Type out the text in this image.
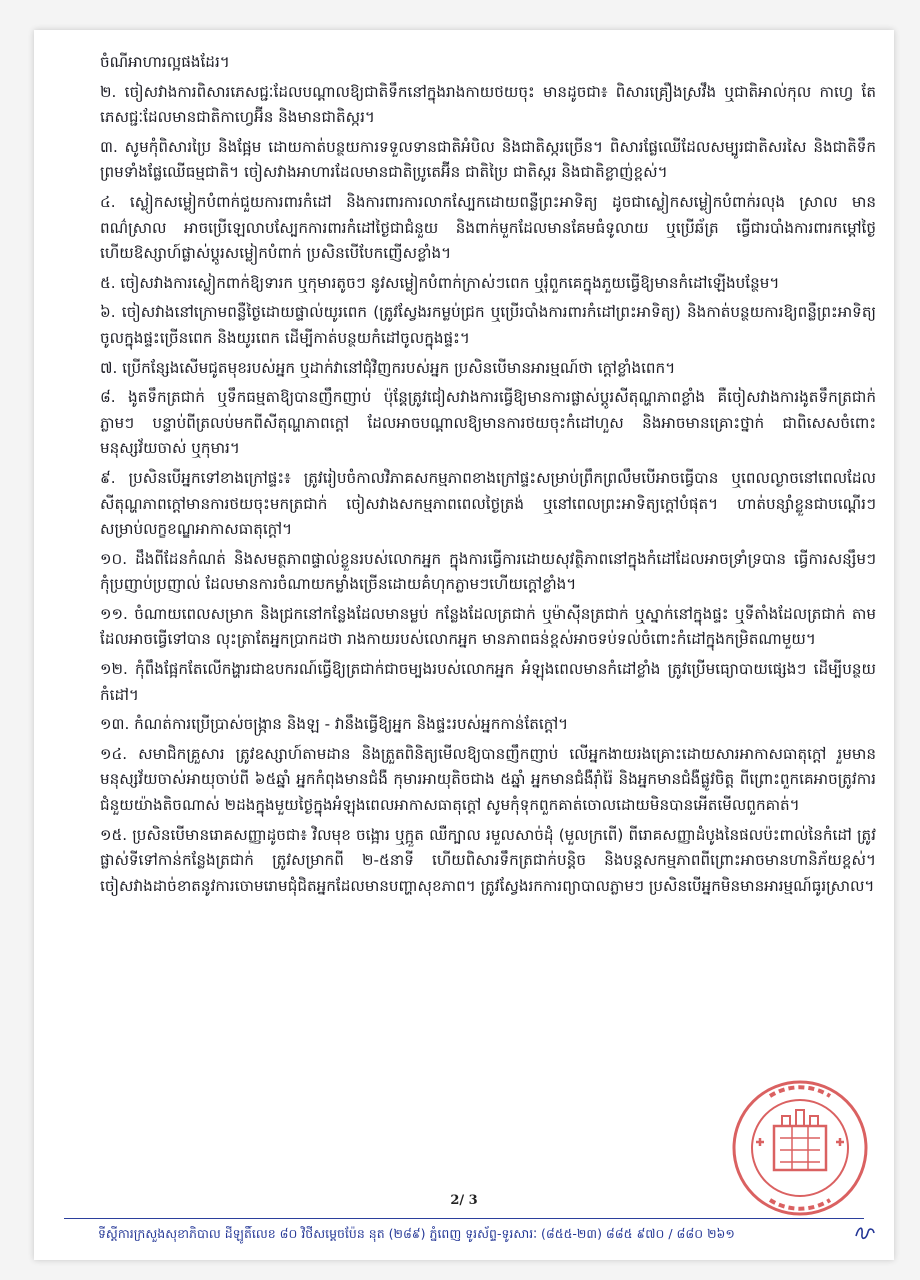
ចំណីអាហារល្អផងដែរ។

២. ចៀសវាងការពិសារភេសជ្ជៈដែលបណ្តាលឱ្យជាតិទឹកនៅក្នុងរាងកាយថយចុះ មានដូចជា៖ ពិសារគ្រឿងស្រវឹង ឬជាតិអាល់កុល កាហ្វេ តែ ភេសជ្ជៈដែលមានជាតិកាហ្វេអ៊ីន និងមានជាតិស្ករ។

៣. សូមកុំពិសារប្រៃ និងផ្អែម ដោយកាត់បន្ថយការទទួលទានជាតិអំបិល និងជាតិស្ករច្រើន។ ពិសារផ្លែឈើដែលសម្បូរជាតិសរសៃ និងជាតិទឹក ព្រមទាំងផ្លែឈើធម្មជាតិ។ ចៀសវាងអាហារដែលមានជាតិប្រូតេអ៊ីន ជាតិប្រៃ ជាតិស្ករ និងជាតិខ្លាញ់ខ្ពស់។

៤. ស្លៀកសម្លៀកបំពាក់ជួយការពារកំដៅ និងការពារការលាកស្បែកដោយពន្លឺព្រះអាទិត្យ ដូចជាស្លៀកសម្លៀកបំពាក់រលុង ស្រាល មានពណ៌ស្រាល អាចប្រើឡេលាបស្បែកការពារកំដៅថ្ងៃជាជំនួយ និងពាក់មួកដែលមានគែមធំទូលាយ ឬប្រើឆ័ត្រ ធ្វើជារបាំងការពារកម្ដៅថ្ងៃ ហើយឱស្សាហ៍ផ្លាស់ប្តូរសម្លៀកបំពាក់ ប្រសិនបើបែកញើសខ្លាំង។

៥. ចៀសវាងការស្លៀកពាក់ឱ្យទារក ឬកុមារតូចៗ នូវសម្លៀកបំពាក់ក្រាស់ៗពេក ឬរុំពួកគេក្នុងភួយធ្វើឱ្យមានកំដៅឡើងបន្ថែម។

៦. ចៀសវាងនៅក្រោមពន្លឺថ្ងៃដោយផ្ទាល់យូរពេក (ត្រូវស្វែងរកម្លប់ជ្រក ឬប្រើរបាំងការពារកំដៅព្រះអាទិត្យ) និងកាត់បន្ថយការឱ្យពន្លឺព្រះអាទិត្យចូលក្នុងផ្ទះច្រើនពេក និងយូរពេក ដើម្បីកាត់បន្ថយកំដៅចូលក្នុងផ្ទះ។

៧. ប្រើកន្សែងសើមជូតមុខរបស់អ្នក ឬដាក់វានៅជុំវិញករបស់អ្នក ប្រសិនបើមានអារម្មណ៍ថា ក្តៅខ្លាំងពេក។

៨. ងូតទឹកត្រជាក់ ឬទឹកធម្មតាឱ្យបានញឹកញាប់ ប៉ុន្តែត្រូវជៀសវាងការធ្វើឱ្យមានការផ្លាស់ប្តូរសីតុណ្ហភាពខ្លាំង គឺចៀសវាងការងូតទឹកត្រជាក់ភ្លាមៗ បន្ទាប់ពីត្រលប់មកពីសីតុណ្ហភាពក្ដៅ ដែលអាចបណ្តាលឱ្យមានការថយចុះកំដៅហួស និងអាចមានគ្រោះថ្នាក់ ជាពិសេសចំពោះមនុស្សវ័យចាស់ ឬកុមារ។

៩. ប្រសិនបើអ្នកទៅខាងក្រៅផ្ទះ៖ ត្រូវរៀបចំកាលវិភាគសកម្មភាពខាងក្រៅផ្ទះសម្រាប់ព្រឹកព្រលឹមបើអាចធ្វើបាន ឬពេលល្ងាចនៅពេលដែលសីតុណ្ហភាពក្ដៅមានការថយចុះមកត្រជាក់ ចៀសវាងសកម្មភាពពេលថ្ងៃត្រង់ ឬនៅពេលព្រះអាទិត្យក្តៅបំផុត។ ហាត់បន្សាំខ្លួនជាបណ្តើរៗ សម្រាប់លក្ខខណ្ឌអាកាសធាតុក្តៅ។

១០. ដឹងពីដែនកំណត់ និងសមត្ថភាពផ្ទាល់ខ្លួនរបស់លោកអ្នក ក្នុងការធ្វើការដោយសុវត្ថិភាពនៅក្នុងកំដៅដែលអាចទ្រាំទ្របាន ធ្វើការសន្សឹមៗ កុំប្រញាប់ប្រញាល់ ដែលមានការចំណាយកម្លាំងច្រើនដោយគំហុកភ្លាមៗហើយក្ដៅខ្លាំង។

១១. ចំណាយពេលសម្រាក និងជ្រកនៅកន្លែងដែលមានម្លប់ កន្លែងដែលត្រជាក់ ឬម៉ាស៊ីនត្រជាក់ ឬស្នាក់នៅក្នុងផ្ទះ ឬទីតាំងដែលត្រជាក់ តាមដែលអាចធ្វើទៅបាន លុះត្រាតែអ្នកប្រាកដថា រាងកាយរបស់លោកអ្នក មានភាពធន់ខ្ពស់អាចទប់ទល់ចំពោះកំដៅក្នុងកម្រិតណាមួយ។

១២. កុំពឹងផ្អែកតែលើកង្ហារជាឧបករណ៍ធ្វើឱ្យត្រជាក់ជាចម្បងរបស់លោកអ្នក អំឡុងពេលមានកំដៅខ្លាំង ត្រូវប្រើមធ្យោបាយផ្សេងៗ ដើម្បីបន្ថយកំដៅ។

១៣. កំណត់ការប្រើប្រាស់ចង្ក្រាន និងឡ - វានឹងធ្វើឱ្យអ្នក និងផ្ទះរបស់អ្នកកាន់តែក្តៅ។

១៤. សមាជិកគ្រួសារ ត្រូវឧស្សាហ៍តាមដាន និងត្រួតពិនិត្យមើលឱ្យបានញឹកញាប់ លើអ្នកងាយរងគ្រោះដោយសារអាកាសធាតុក្ដៅ រួមមាន មនុស្សវ័យចាស់អាយុចាប់ពី ៦៥ឆ្នាំ អ្នកកំពុងមានជំងឺ កុមារអាយុតិចជាង ៥ឆ្នាំ អ្នកមានជំងឺរ៉ាំរ៉ៃ និងអ្នកមានជំងឺផ្លូវចិត្ត ពីព្រោះពួកគេអាចត្រូវការជំនួយយ៉ាងតិចណាស់ ២ដងក្នុងមួយថ្ងៃក្នុងអំឡុងពេលអាកាសធាតុក្តៅ សូមកុំទុកពួកគាត់ចោលដោយមិនបានអើតមើលពួកគាត់។

១៥. ប្រសិនបើមានរោគសញ្ញាដូចជា៖ វិលមុខ ចង្អោរ ឬក្អួត ឈឺក្បាល រមួលសាច់ដុំ (មួលក្រពើ) ពីរោគសញ្ញាដំបូងនៃផលប៉ះពាល់នៃកំដៅ ត្រូវផ្លាស់ទីទៅកាន់កន្លែងត្រជាក់ ត្រូវសម្រាកពី ២-៥នាទី ហើយពិសារទឹកត្រជាក់បន្តិច និងបន្តសកម្មភាពពីព្រោះអាចមានហានិភ័យខ្ពស់។ ចៀសវាងដាច់ខាតនូវការចោមរោមជុំជិតអ្នកដែលមានបញ្ហាសុខភាព។ ត្រូវស្វែងរកការព្យាបាលភ្លាមៗ ប្រសិនបើអ្នកមិនមានអារម្មណ៍ធូរស្រាល។

2/ 3
ទីស្តីការក្រសួងសុខាភិបាល ដីឡូតិ៍លេខ ៨០ វិថីសម្តេចប៉ែន នុត (២៨៩) ភ្នំពេញ ទូរស័ព្ទ-ទូរសារៈ (៨៥៥-២៣) ៨៨៥ ៩៧០ / ៨៨០ ២៦១
